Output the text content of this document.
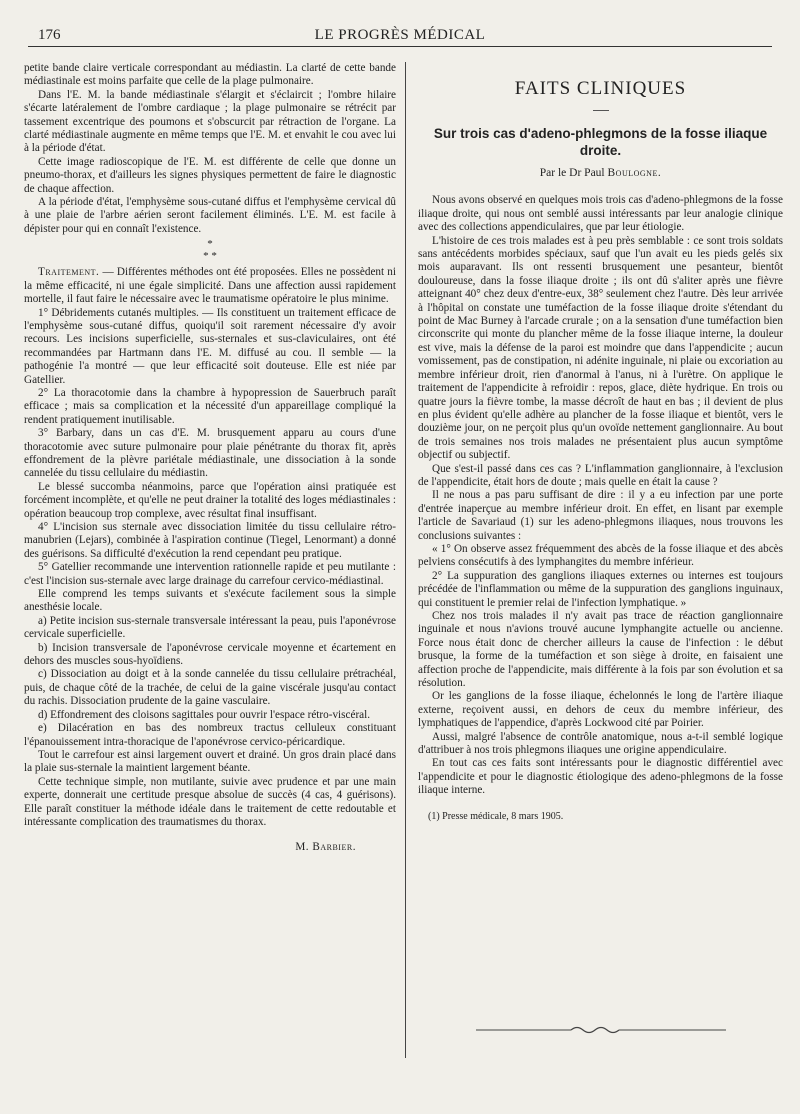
176	LE PROGRÈS MÉDICAL

petite bande claire verticale correspondant au médiastin. La clarté de cette bande médiastinale est moins parfaite que celle de la plage pulmonaire.

Dans l'E. M. la bande médiastinale s'élargit et s'éclaircit ; l'ombre hilaire s'écarte latéralement de l'ombre cardiaque ; la plage pulmonaire se rétrécit par tassement excentrique des poumons et s'obscurcit par rétraction de l'organe. La clarté médiastinale augmente en même temps que l'E. M. et envahit le cou avec lui à la période d'état.

Cette image radioscopique de l'E. M. est différente de celle que donne un pneumo-thorax, et d'ailleurs les signes physiques permettent de faire le diagnostic de chaque affection.

A la période d'état, l'emphysème sous-cutané diffus et l'emphysème cervical dû à une plaie de l'arbre aérien seront facilement éliminés. L'E. M. est facile à dépister pour qui en connaît l'existence.

*
* *

Traitement. — Différentes méthodes ont été proposées. Elles ne possèdent ni la même efficacité, ni une égale simplicité. Dans une affection aussi rapidement mortelle, il faut faire le nécessaire avec le traumatisme opératoire le plus minime.

1° Débridements cutanés multiples. — Ils constituent un traitement efficace de l'emphysème sous-cutané diffus, quoiqu'il soit rarement nécessaire d'y avoir recours. Les incisions superficielle, sus-sternales et sus-claviculaires, ont été recommandées par Hartmann dans l'E. M. diffusé au cou. Il semble — la pathogénie l'a montré — que leur efficacité soit douteuse. Elle est niée par Gatellier.

2° La thoracotomie dans la chambre à hypopression de Sauerbruch paraît efficace ; mais sa complication et la nécessité d'un appareillage compliqué la rendent pratiquement inutilisable.

3° Barbary, dans un cas d'E. M. brusquement apparu au cours d'une thoracotomie avec suture pulmonaire pour plaie pénétrante du thorax fit, après effondrement de la plèvre pariétale médiastinale, une dissociation à la sonde cannelée du tissu cellulaire du médiastin.

Le blessé succomba néanmoins, parce que l'opération ainsi pratiquée est forcément incomplète, et qu'elle ne peut drainer la totalité des loges médiastinales : opération beaucoup trop complexe, avec résultat final insuffisant.

4° L'incision sus sternale avec dissociation limitée du tissu cellulaire rétro-manubrien (Lejars), combinée à l'aspiration continue (Tiegel, Lenormant) a donné des guérisons. Sa difficulté d'exécution la rend cependant peu pratique.

5° Gatellier recommande une intervention rationnelle rapide et peu mutilante : c'est l'incision sus-sternale avec large drainage du carrefour cervico-médiastinal.

Elle comprend les temps suivants et s'exécute facilement sous la simple anesthésie locale.

a) Petite incision sus-sternale transversale intéressant la peau, puis l'aponévrose cervicale superficielle.

b) Incision transversale de l'aponévrose cervicale moyenne et écartement en dehors des muscles sous-hyoïdiens.

c) Dissociation au doigt et à la sonde cannelée du tissu cellulaire prétrachéal, puis, de chaque côté de la trachée, de celui de la gaine viscérale jusqu'au contact du rachis. Dissociation prudente de la gaine vasculaire.

d) Effondrement des cloisons sagittales pour ouvrir l'espace rétro-viscéral.

e) Dilacération en bas des nombreux tractus celluleux constituant l'épanouissement intra-thoracique de l'aponévrose cervico-péricardique.

Tout le carrefour est ainsi largement ouvert et drainé. Un gros drain placé dans la plaie sus-sternale la maintient largement béante.

Cette technique simple, non mutilante, suivie avec prudence et par une main experte, donnerait une certitude presque absolue de succès (4 cas, 4 guérisons). Elle paraît constituer la méthode idéale dans le traitement de cette redoutable et intéressante complication des traumatismes du thorax.

M. Barbier.
FAITS CLINIQUES
Sur trois cas d'adeno-phlegmons de la fosse iliaque droite.
Par le Dr Paul Boulogne.

Nous avons observé en quelques mois trois cas d'adeno-phlegmons de la fosse iliaque droite, qui nous ont semblé aussi intéressants par leur analogie clinique avec des collections appendiculaires, que par leur étiologie.

L'histoire de ces trois malades est à peu près semblable : ce sont trois soldats sans antécédents morbides spéciaux, sauf que l'un avait eu les pieds gelés six mois auparavant. Ils ont ressenti brusquement une pesanteur, bientôt douloureuse, dans la fosse iliaque droite ; ils ont dû s'aliter après une fièvre atteignant 40° chez deux d'entre-eux, 38° seulement chez l'autre. Dès leur arrivée à l'hôpital on constate une tuméfaction de la fosse iliaque droite s'étendant du point de Mac Burney à l'arcade crurale ; on a la sensation d'une tuméfaction bien circonscrite qui monte du plancher même de la fosse iliaque interne, la douleur est vive, mais la défense de la paroi est moindre que dans l'appendicite ; aucun vomissement, pas de constipation, ni adénite inguinale, ni plaie ou excoriation au membre inférieur droit, rien d'anormal à l'anus, ni à l'urètre. On applique le traitement de l'appendicite à refroidir : repos, glace, diète hydrique. En trois ou quatre jours la fièvre tombe, la masse décroît de haut en bas ; il devient de plus en plus évident qu'elle adhère au plancher de la fosse iliaque et bientôt, vers le douzième jour, on ne perçoit plus qu'un ovoïde nettement ganglionnaire. Au bout de trois semaines nos trois malades ne présentaient plus aucun symptôme objectif ou subjectif.

Que s'est-il passé dans ces cas ? L'inflammation ganglionnaire, à l'exclusion de l'appendicite, était hors de doute ; mais quelle en était la cause ?

Il ne nous a pas paru suffisant de dire : il y a eu infection par une porte d'entrée inaperçue au membre inférieur droit. En effet, en lisant par exemple l'article de Savariaud (1) sur les adeno-phlegmons iliaques, nous trouvons les conclusions suivantes :

« 1° On observe assez fréquemment des abcès de la fosse iliaque et des abcès pelviens consécutifs à des lymphangites du membre inférieur.

2° La suppuration des ganglions iliaques externes ou internes est toujours précédée de l'inflammation ou même de la suppuration des ganglions inguinaux, qui constituent le premier relai de l'infection lymphatique. »

Chez nos trois malades il n'y avait pas trace de réaction ganglionnaire inguinale et nous n'avions trouvé aucune lymphangite actuelle ou ancienne. Force nous était donc de chercher ailleurs la cause de l'infection : le début brusque, la forme de la tuméfaction et son siège à droite, en faisaient une affection proche de l'appendicite, mais différente à la fois par son évolution et sa résolution.

Or les ganglions de la fosse iliaque, échelonnés le long de l'artère iliaque externe, reçoivent aussi, en dehors de ceux du membre inférieur, des lymphatiques de l'appendice, d'après Lockwood cité par Poirier.

Aussi, malgré l'absence de contrôle anatomique, nous a-t-il semblé logique d'attribuer à nos trois phlegmons iliaques une origine appendiculaire.

En tout cas ces faits sont intéressants pour le diagnostic différentiel avec l'appendicite et pour le diagnostic étiologique des adeno-phlegmons de la fosse iliaque interne.

(1) Presse médicale, 8 mars 1905.
